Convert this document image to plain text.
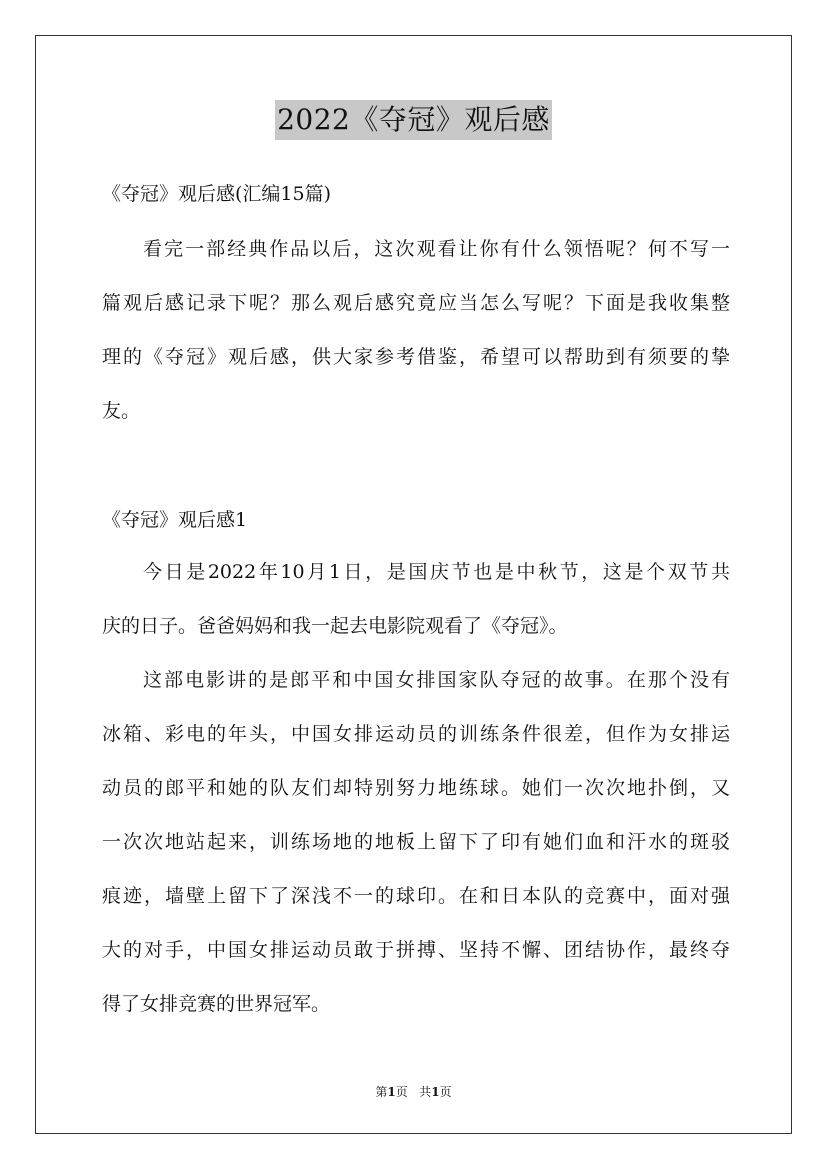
2022《夺冠》观后感
《夺冠》观后感(汇编15篇)
看完一部经典作品以后，这次观看让你有什么领悟呢？何不写一
篇观后感记录下呢？那么观后感究竟应当怎么写呢？下面是我收集整
理的《夺冠》观后感，供大家参考借鉴，希望可以帮助到有须要的挚
友。
《夺冠》观后感1
今日是2022年10月1日，是国庆节也是中秋节，这是个双节共
庆的日子。爸爸妈妈和我一起去电影院观看了《夺冠》。
这部电影讲的是郎平和中国女排国家队夺冠的故事。在那个没有
冰箱、彩电的年头，中国女排运动员的训练条件很差，但作为女排运
动员的郎平和她的队友们却特别努力地练球。她们一次次地扑倒，又
一次次地站起来，训练场地的地板上留下了印有她们血和汗水的斑驳
痕迹，墙壁上留下了深浅不一的球印。在和日本队的竞赛中，面对强
大的对手，中国女排运动员敢于拼搏、坚持不懈、团结协作，最终夺
得了女排竞赛的世界冠军。
第1页   共1页
